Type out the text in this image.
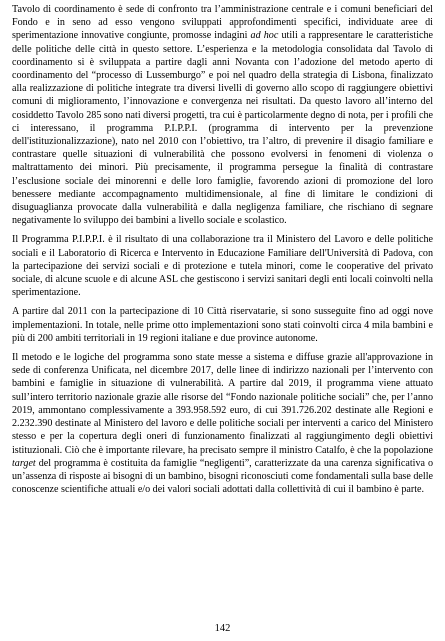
Tavolo di coordinamento è sede di confronto tra l’amministrazione centrale e i comuni beneficiari del Fondo e in seno ad esso vengono sviluppati approfondimenti specifici, individuate aree di sperimentazione innovative congiunte, promosse indagini ad hoc utili a rappresentare le caratteristiche delle politiche delle città in questo settore. L’esperienza e la metodologia consolidata dal Tavolo di coordinamento si è sviluppata a partire dagli anni Novanta con l’adozione del metodo aperto di coordinamento del “processo di Lussemburgo” e poi nel quadro della strategia di Lisbona, finalizzato alla realizzazione di politiche integrate tra diversi livelli di governo allo scopo di raggiungere obiettivi comuni di miglioramento, l’innovazione e convergenza nei risultati. Da questo lavoro all’interno del cosiddetto Tavolo 285 sono nati diversi progetti, tra cui è particolarmente degno di nota, per i profili che ci interessano, il programma P.I.P.P.I. (programma di intervento per la prevenzione dell'istituzionalizzazione), nato nel 2010 con l’obiettivo, tra l’altro, di prevenire il disagio familiare e contrastare quelle situazioni di vulnerabilità che possono evolversi in fenomeni di violenza o maltrattamento dei minori. Più precisamente, il programma persegue la finalità di contrastare l’esclusione sociale dei minorenni e delle loro famiglie, favorendo azioni di promozione del loro benessere mediante accompagnamento multidimensionale, al fine di limitare le condizioni di disuguaglianza provocate dalla vulnerabilità e dalla negligenza familiare, che rischiano di segnare negativamente lo sviluppo dei bambini a livello sociale e scolastico.

Il Programma P.I.P.P.I. è il risultato di una collaborazione tra il Ministero del Lavoro e delle politiche sociali e il Laboratorio di Ricerca e Intervento in Educazione Familiare dell'Università di Padova, con la partecipazione dei servizi sociali e di protezione e tutela minori, come le cooperative del privato sociale, di alcune scuole e di alcune ASL che gestiscono i servizi sanitari degli enti locali coinvolti nella sperimentazione.

A partire dal 2011 con la partecipazione di 10 Città riservatarie, si sono susseguite fino ad oggi nove implementazioni. In totale, nelle prime otto implementazioni sono stati coinvolti circa 4 mila bambini e più di 200 ambiti territoriali in 19 regioni italiane e due province autonome.

Il metodo e le logiche del programma sono state messe a sistema e diffuse grazie all'approvazione in sede di conferenza Unificata, nel dicembre 2017, delle linee di indirizzo nazionali per l’intervento con bambini e famiglie in situazione di vulnerabilità. A partire dal 2019, il programma viene attuato sull’intero territorio nazionale grazie alle risorse del “Fondo nazionale politiche sociali” che, per l’anno 2019, ammontano complessivamente a 393.958.592 euro, di cui 391.726.202 destinate alle Regioni e 2.232.390 destinate al Ministero del lavoro e delle politiche sociali per interventi a carico del Ministero stesso e per la copertura degli oneri di funzionamento finalizzati al raggiungimento degli obiettivi istituzionali. Ciò che è importante rilevare, ha precisato sempre il ministro Catalfo, è che la popolazione target del programma è costituita da famiglie “negligenti”, caratterizzate da una carenza significativa o un’assenza di risposte ai bisogni di un bambino, bisogni riconosciuti come fondamentali sulla base delle conoscenze scientifiche attuali e/o dei valori sociali adottati dalla collettività di cui il bambino è parte.

142
